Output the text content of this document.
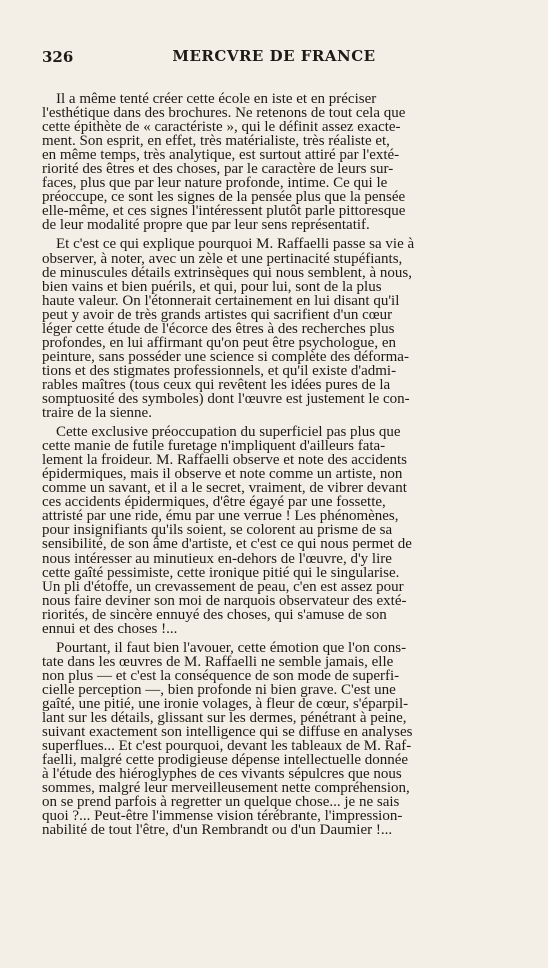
326	MERCVRE DE FRANCE
Il a même tenté créer cette école en iste et en préciser
l'esthétique dans des brochures. Ne retenons de tout cela que
cette épithète de « caractériste », qui le définit assez exacte-
ment. Son esprit, en effet, très matérialiste, très réaliste et,
en même temps, très analytique, est surtout attiré par l'exté-
riorité des êtres et des choses, par le caractère de leurs sur-
faces, plus que par leur nature profonde, intime. Ce qui le
préoccupe, ce sont les signes de la pensée plus que la pensée
elle-même, et ces signes l'intéressent plutôt parle pittoresque
de leur modalité propre que par leur sens représentatif.
Et c'est ce qui explique pourquoi M. Raffaelli passe sa vie à
observer, à noter, avec un zèle et une pertinacité stupéfiants,
de minuscules détails extrinsèques qui nous semblent, à nous,
bien vains et bien puérils, et qui, pour lui, sont de la plus
haute valeur. On l'étonnerait certainement en lui disant qu'il
peut y avoir de très grands artistes qui sacrifient d'un cœur
léger cette étude de l'écorce des êtres à des recherches plus
profondes, en lui affirmant qu'on peut être psychologue, en
peinture, sans posséder une science si complète des déforma-
tions et des stigmates professionnels, et qu'il existe d'admi-
rables maîtres (tous ceux qui revêtent les idées pures de la
somptuosité des symboles) dont l'œuvre est justement le con-
traire de la sienne.
Cette exclusive préoccupation du superficiel pas plus que
cette manie de futile furetage n'impliquent d'ailleurs fata-
lement la froideur. M. Raffaelli observe et note des accidents
épidermiques, mais il observe et note comme un artiste, non
comme un savant, et il a le secret, vraiment, de vibrer devant
ces accidents épidermiques, d'être égayé par une fossette,
attristé par une ride, ému par une verrue ! Les phénomènes,
pour insignifiants qu'ils soient, se colorent au prisme de sa
sensibilité, de son âme d'artiste, et c'est ce qui nous permet de
nous intéresser au minutieux en-dehors de l'œuvre, d'y lire
cette gaîté pessimiste, cette ironique pitié qui le singularise.
Un pli d'étoffe, un crevassement de peau, c'en est assez pour
nous faire deviner son moi de narquois observateur des exté-
riorités, de sincère ennuyé des choses, qui s'amuse de son
ennui et des choses !...
Pourtant, il faut bien l'avouer, cette émotion que l'on cons-
tate dans les œuvres de M. Raffaelli ne semble jamais, elle
non plus — et c'est la conséquence de son mode de superfi-
cielle perception —, bien profonde ni bien grave. C'est une
gaîté, une pitié, une ironie volages, à fleur de cœur, s'éparpil-
lant sur les détails, glissant sur les dermes, pénétrant à peine,
suivant exactement son intelligence qui se diffuse en analyses
superflues... Et c'est pourquoi, devant les tableaux de M. Raf-
faelli, malgré cette prodigieuse dépense intellectuelle donnée
à l'étude des hiéroglyphes de ces vivants sépulcres que nous
sommes, malgré leur merveilleusement nette compréhension,
on se prend parfois à regretter un quelque chose... je ne sais
quoi ?... Peut-être l'immense vision térébrante, l'impression-
nabilité de tout l'être, d'un Rembrandt ou d'un Daumier !...
